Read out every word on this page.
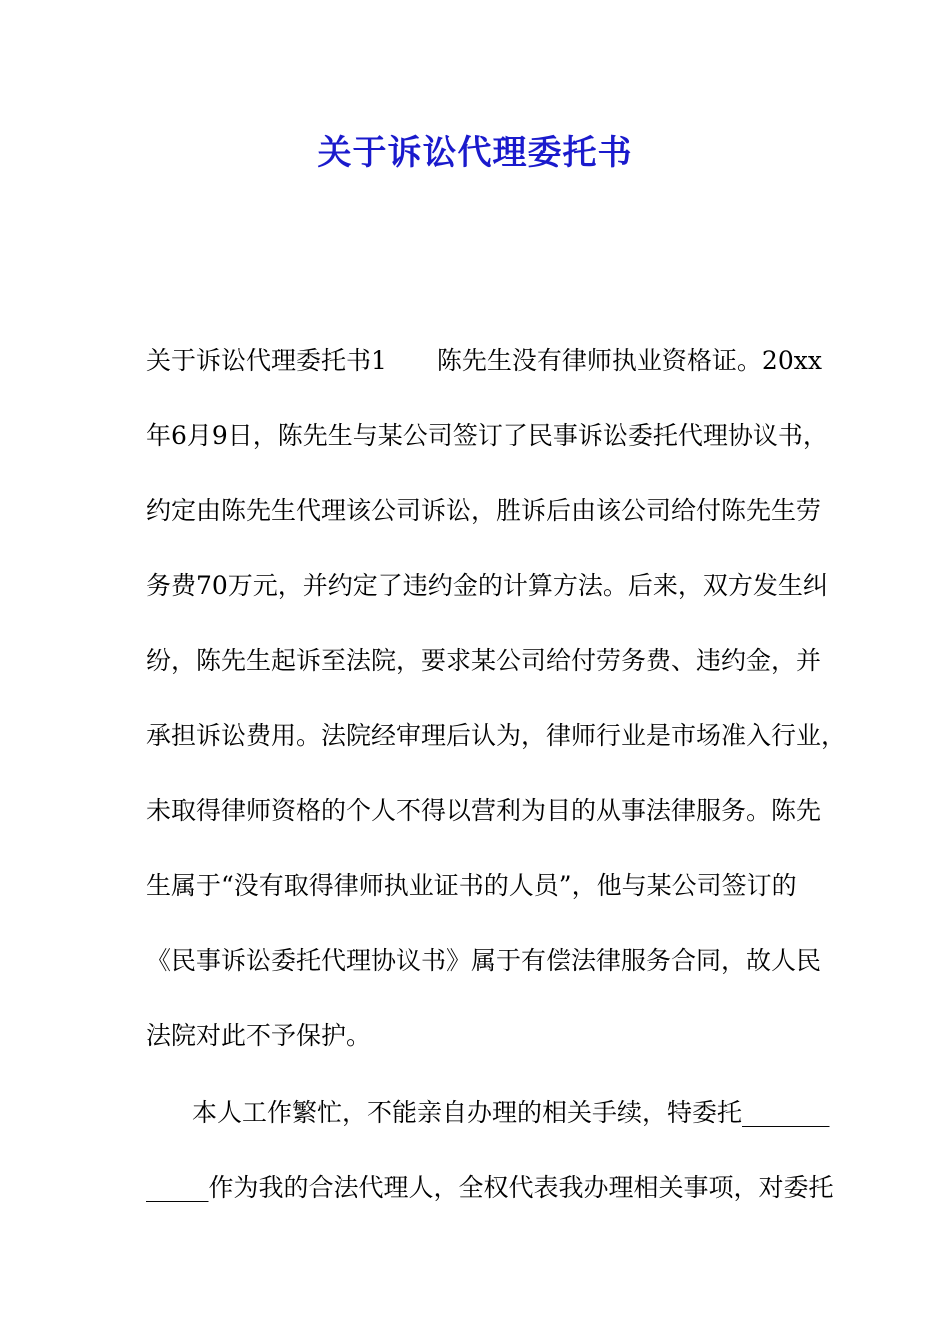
关于诉讼代理委托书
关于诉讼代理委托书1　　陈先生没有律师执业资格证。20xx
年6月9日，陈先生与某公司签订了民事诉讼委托代理协议书，
约定由陈先生代理该公司诉讼，胜诉后由该公司给付陈先生劳
务费70万元，并约定了违约金的计算方法。后来，双方发生纠
纷，陈先生起诉至法院，要求某公司给付劳务费、违约金，并
承担诉讼费用。法院经审理后认为，律师行业是市场准入行业，
未取得律师资格的个人不得以营利为目的从事法律服务。陈先
生属于“没有取得律师执业证书的人员”，他与某公司签订的
《民事诉讼委托代理协议书》属于有偿法律服务合同，故人民
法院对此不予保护。
本人工作繁忙，不能亲自办理的相关手续，特委托_______
_____作为我的合法代理人，全权代表我办理相关事项，对委托
